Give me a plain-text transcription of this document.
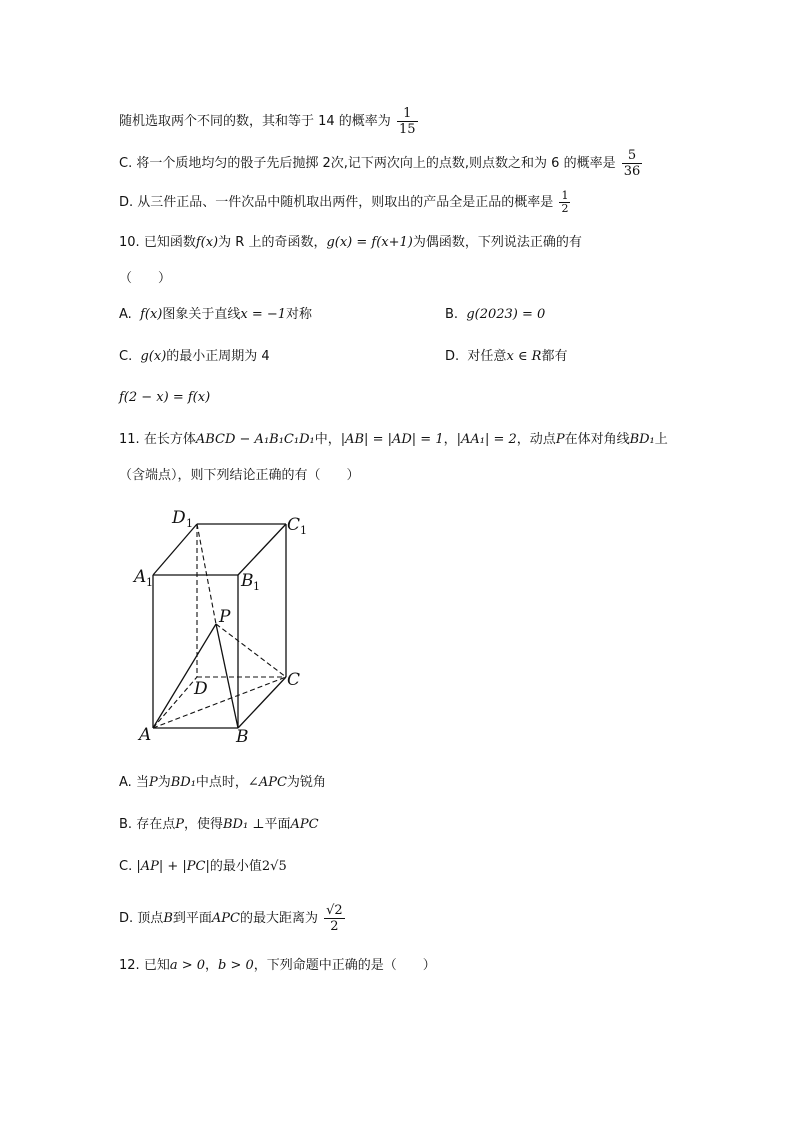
随机选取两个不同的数，其和等于 14 的概率为 $\frac{1}{15}$
C. 将一个质地均匀的骰子先后抛掷 2次,记下两次向上的点数,则点数之和为 6 的概率是 $\frac{5}{36}$
D. 从三件正品、一件次品中随机取出两件，则取出的产品全是正品的概率是 $\frac{1}{2}$
10. 已知函数f(x)为 R 上的奇函数，g(x) = f(x+1)为偶函数，下列说法正确的有
（　　）
A. f(x)图象关于直线x = −1对称	B. g(2023) = 0
C. g(x)的最小正周期为 4	D. 对任意x ∈ R都有
f(2 − x) = f(x)
11. 在长方体ABCD − A₁B₁C₁D₁中，|AB| = |AD| = 1，|AA₁| = 2，动点P在体对角线BD₁上
（含端点），则下列结论正确的有（　　）
D 1	C 1
A 1	B 1
P
D	C
A	B
A. 当P为BD₁中点时，∠APC为锐角
B. 存在点P，使得BD₁ ⊥平面APC
C. |AP| + |PC|的最小值2√5
D. 顶点B到平面APC的最大距离为 $\frac{√2}{2}$
12. 已知a > 0，b > 0，下列命题中正确的是（　　）
